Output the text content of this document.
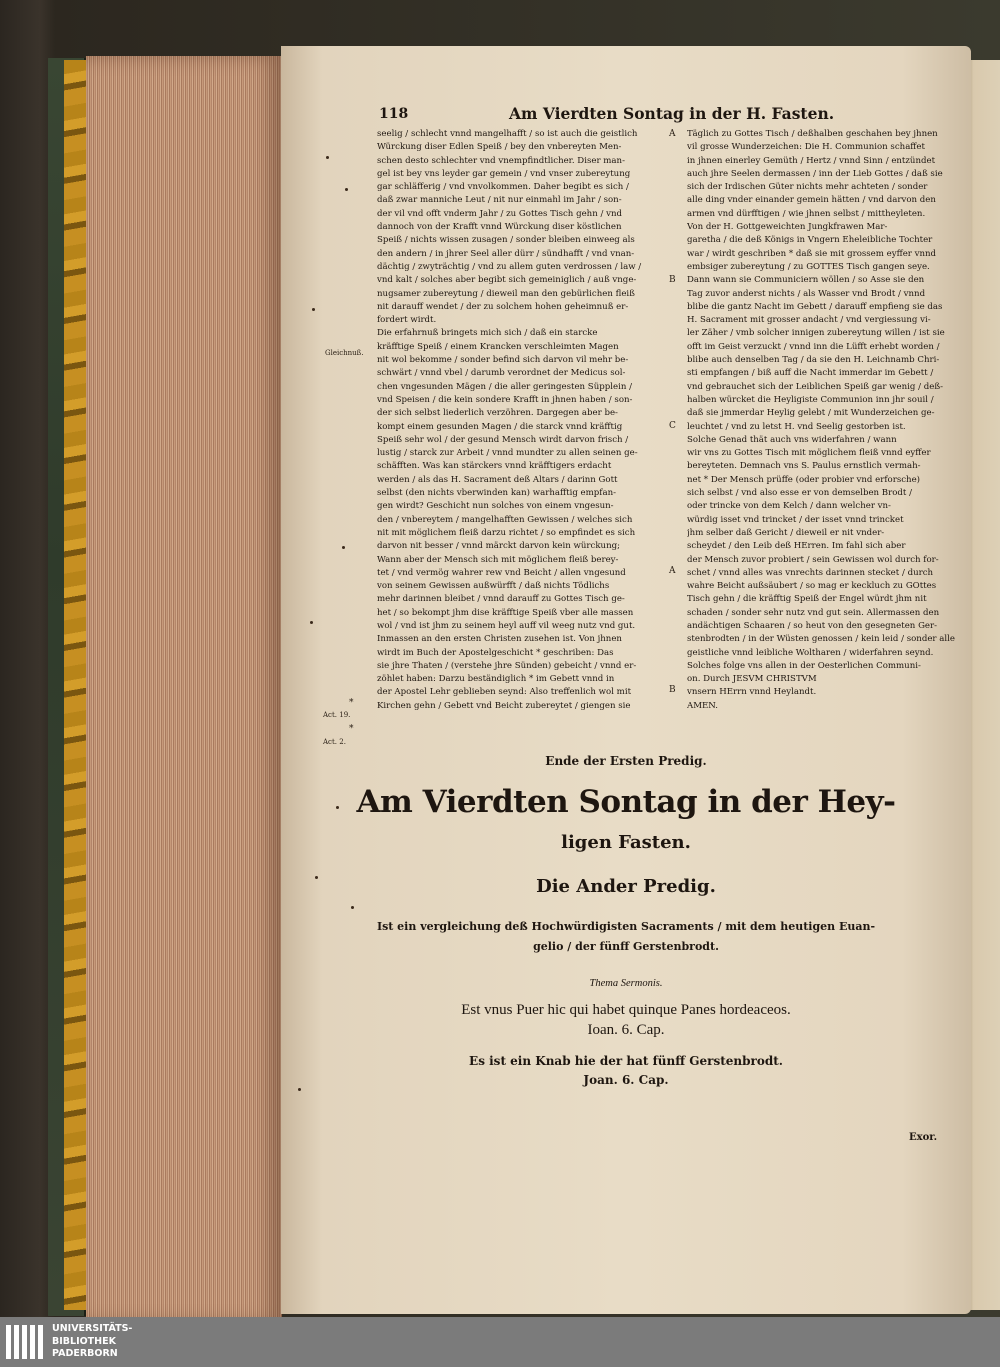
118	Am Vierdten Sontag in der H. Fasten.
seelig / schlecht vnnd mangelhafft / so ist auch die geistlich
Würckung diser Edlen Speiß / bey den vnbereyten Men-
schen desto schlechter vnd vnempfindtlicher. Diser man-
gel ist bey vns leyder gar gemein / vnd vnser zubereytung
gar schläfferig / vnd vnvolkommen. Daher begibt es sich /
daß zwar manniche Leut / nit nur einmahl im Jahr / son-
der vil vnd offt vnderm Jahr / zu Gottes Tisch gehn / vnd
dannoch von der Krafft vnnd Würckung diser köstlichen
Speiß / nichts wissen zusagen / sonder bleiben einweeg als
den andern / in jhrer Seel aller dürr / sündhafft / vnd vnan-
dächtig / zwyträchtig / vnd zu allem guten verdrossen / law /
vnd kalt / solches aber begibt sich gemeiniglich / auß vnge-
nugsamer zubereytung / dieweil man den gebürlichen fleiß
nit darauff wendet / der zu solchem hohen geheimnuß er-
fordert wirdt.
Die erfahrnuß bringets mich sich / daß ein starcke
kräfftige Speiß / einem Krancken verschleimten Magen
nit wol bekomme / sonder befind sich darvon vil mehr be-
schwärt / vnnd vbel / darumb verordnet der Medicus sol-
chen vngesunden Mägen / die aller geringesten Süpplein /
vnd Speisen / die kein sondere Krafft in jhnen haben / son-
der sich selbst liederlich verzöhren. Dargegen aber be-
kompt einem gesunden Magen / die starck vnnd kräfftig
Speiß sehr wol / der gesund Mensch wirdt darvon frisch /
lustig / starck zur Arbeit / vnnd mundter zu allen seinen ge-
schäfften. Was kan stärckers vnnd kräfftigers erdacht
werden / als das H. Sacrament deß Altars / darinn Gott
selbst (den nichts vberwinden kan) warhafftig empfan-
gen wirdt? Geschicht nun solches von einem vngesun-
den / vnbereytem / mangelhafften Gewissen / welches sich
nit mit möglichem fleiß darzu richtet / so empfindet es sich
darvon nit besser / vnnd märckt darvon kein würckung;
Wann aber der Mensch sich mit möglichem fleiß berey-
tet / vnd vermög wahrer rew vnd Beicht / allen vngesund
von seinem Gewissen außwürfft / daß nichts Tödlichs
mehr darinnen bleibet / vnnd darauff zu Gottes Tisch ge-
het / so bekompt jhm dise kräfftige Speiß vber alle massen
wol / vnd ist jhm zu seinem heyl auff vil weeg nutz vnd gut.
Inmassen an den ersten Christen zusehen ist. Von jhnen
wirdt im Buch der Apostelgeschicht * geschriben: Das
sie jhre Thaten / (verstehe jhre Sünden) gebeicht / vnnd er-
zöhlet haben: Darzu beständiglich * im Gebett vnnd in
der Apostel Lehr geblieben seynd: Also treffenlich wol mit
Kirchen gehn / Gebett vnd Beicht zubereytet / giengen sie
Täglich zu Gottes Tisch / deßhalben geschahen bey jhnen
vil grosse Wunderzeichen: Die H. Communion schaffet
in jhnen einerley Gemüth / Hertz / vnnd Sinn / entzündet
auch jhre Seelen dermassen / inn der Lieb Gottes / daß sie
sich der Irdischen Güter nichts mehr achteten / sonder
alle ding vnder einander gemein hätten / vnd darvon den
armen vnd dürfftigen / wie jhnen selbst / mittheyleten.
Von der H. Gottgeweichten Jungkfrawen Mar-
garetha / die deß Königs in Vngern Eheleibliche Tochter
war / wirdt geschriben * daß sie mit grossem eyffer vnnd
embsiger zubereytung / zu GOTTES Tisch gangen seye.
Dann wann sie Communiciern wöllen / so Asse sie den
Tag zuvor anderst nichts / als Wasser vnd Brodt / vnnd
blibe die gantz Nacht im Gebett / darauff empfieng sie das
H. Sacrament mit grosser andacht / vnd vergiessung vi-
ler Zäher / vmb solcher innigen zubereytung willen / ist sie
offt im Geist verzuckt / vnnd inn die Lüfft erhebt worden /
blibe auch denselben Tag / da sie den H. Leichnamb Chri-
sti empfangen / biß auff die Nacht immerdar im Gebett /
vnd gebrauchet sich der Leiblichen Speiß gar wenig / deß-
halben würcket die Heyligiste Communion inn jhr souil /
daß sie jmmerdar Heylig gelebt / mit Wunderzeichen ge-
leuchtet / vnd zu letst H. vnd Seelig gestorben ist.
Solche Genad thät auch vns widerfahren / wann
wir vns zu Gottes Tisch mit möglichem fleiß vnnd eyffer
bereyteten. Demnach vns S. Paulus ernstlich vermah-
net * Der Mensch prüffe (oder probier vnd erforsche)
sich selbst / vnd also esse er von demselben Brodt /
oder trincke von dem Kelch / dann welcher vn-
würdig isset vnd trincket / der isset vnnd trincket
jhm selber daß Gericht / dieweil er nit vnder-
scheydet / den Leib deß HErren. Im fahl sich aber
der Mensch zuvor probiert / sein Gewissen wol durch for-
schet / vnnd alles was vnrechts darinnen stecket / durch
wahre Beicht außsäubert / so mag er keckluch zu GOttes
Tisch gehn / die kräfftig Speiß der Engel würdt jhm nit
schaden / sonder sehr nutz vnd gut sein. Allermassen den
andächtigen Schaaren / so heut von den gesegneten Ger-
stenbrodten / in der Wüsten genossen / kein leid / sonder alle
geistliche vnnd leibliche Woltharen / widerfahren seynd.
Solches folge vns allen in der Oesterlichen Communi-
on. Durch JESVM CHRISTVM
vnsern HErrn vnnd Heylandt.
AMEN.
A
B
C
A
B
Gleichnuß.
*
Act. 19.
*
Act. 2.
Ende der Ersten Predig.
Am Vierdten Sontag in der Hey-
ligen Fasten.
Die Ander Predig.
Ist ein vergleichung deß Hochwürdigisten Sacraments / mit dem heutigen Euan-
gelio / der fünff Gerstenbrodt.
Thema Sermonis.
Est vnus Puer hic qui habet quinque Panes hordeaceos.
Ioan. 6. Cap.
Es ist ein Knab hie der hat fünff Gerstenbrodt.
Joan. 6. Cap.
Exor.
UNIVERSITÄTS-
BIBLIOTHEK
PADERBORN
